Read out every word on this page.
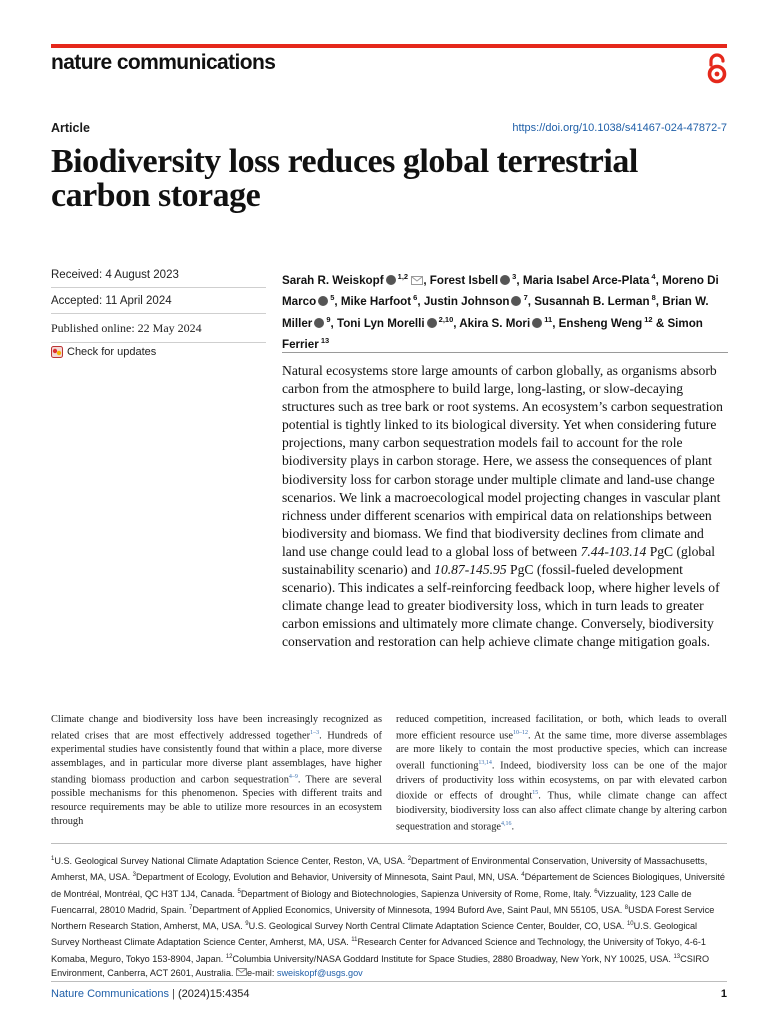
nature communications
Article	https://doi.org/10.1038/s41467-024-47872-7
Biodiversity loss reduces global terrestrial
carbon storage
Received: 4 August 2023
Accepted: 11 April 2024
Published online: 22 May 2024
Check for updates
Sarah R. Weiskopf $^{1,2}$ , Forest Isbell $^3$, Maria Isabel Arce-Plata $^4$, Moreno Di Marco $^5$, Mike Harfoot $^6$, Justin Johnson $^7$, Susannah B. Lerman $^8$, Brian W. Miller $^9$, Toni Lyn Morelli $^{2,10}$, Akira S. Mori $^{11}$, Ensheng Weng $^{12}$ & Simon Ferrier $^{13}$

Natural ecosystems store large amounts of carbon globally, as organisms absorb carbon from the atmosphere to build large, long-lasting, or slow-decaying structures such as tree bark or root systems. An ecosystem’s carbon sequestration potential is tightly linked to its biological diversity. Yet when considering future projections, many carbon sequestration models fail to account for the role biodiversity plays in carbon storage. Here, we assess the consequences of plant biodiversity loss for carbon storage under multiple climate and land-use change scenarios. We link a macroecological model projecting changes in vascular plant richness under different scenarios with empirical data on relationships between biodiversity and biomass. We find that biodiversity declines from climate and land use change could lead to a global loss of between 7.44-103.14 PgC (global sustainability scenario) and 10.87-145.95 PgC (fossil-fueled development scenario). This indicates a self-reinforcing feedback loop, where higher levels of climate change lead to greater biodiversity loss, which in turn leads to greater carbon emissions and ultimately more climate change. Conversely, biodiversity conservation and restoration can help achieve climate change mitigation goals.

Climate change and biodiversity loss have been increasingly recognized as related crises that are most effectively addressed together$^{1-3}$. Hundreds of experimental studies have consistently found that within a place, more diverse assemblages, and in particular more diverse plant assemblages, have higher standing biomass production and carbon sequestration$^{4-9}$. There are several possible mechanisms for this phenomenon. Species with different traits and resource requirements may be able to utilize more resources in an ecosystem through

reduced competition, increased facilitation, or both, which leads to overall more efficient resource use$^{10-12}$. At the same time, more diverse assemblages are more likely to contain the most productive species, which can increase overall functioning$^{13,14}$. Indeed, biodiversity loss can be one of the major drivers of productivity loss within ecosystems, on par with elevated carbon dioxide or effects of drought$^{15}$. Thus, while climate change can affect biodiversity, biodiversity loss can also affect climate change by altering carbon sequestration and storage$^{4,16}$.

$^1$U.S. Geological Survey National Climate Adaptation Science Center, Reston, VA, USA. $^2$Department of Environmental Conservation, University of Massachusetts, Amherst, MA, USA. $^3$Department of Ecology, Evolution and Behavior, University of Minnesota, Saint Paul, MN, USA. $^4$Département de Sciences Biologiques, Université de Montréal, Montréal, QC H3T 1J4, Canada. $^5$Department of Biology and Biotechnologies, Sapienza University of Rome, Rome, Italy. $^6$Vizzuality, 123 Calle de Fuencarral, 28010 Madrid, Spain. $^7$Department of Applied Economics, University of Minnesota, 1994 Buford Ave, Saint Paul, MN 55105, USA. $^8$USDA Forest Service Northern Research Station, Amherst, MA, USA. $^9$U.S. Geological Survey North Central Climate Adaptation Science Center, Boulder, CO, USA. $^{10}$U.S. Geological Survey Northeast Climate Adaptation Science Center, Amherst, MA, USA. $^{11}$Research Center for Advanced Science and Technology, the University of Tokyo, 4-6-1 Komaba, Meguro, Tokyo 153-8904, Japan. $^{12}$Columbia University/NASA Goddard Institute for Space Studies, 2880 Broadway, New York, NY 10025, USA. $^{13}$CSIRO Environment, Canberra, ACT 2601, Australia. e-mail: sweiskopf@usgs.gov

Nature Communications | (2024)15:4354	1
